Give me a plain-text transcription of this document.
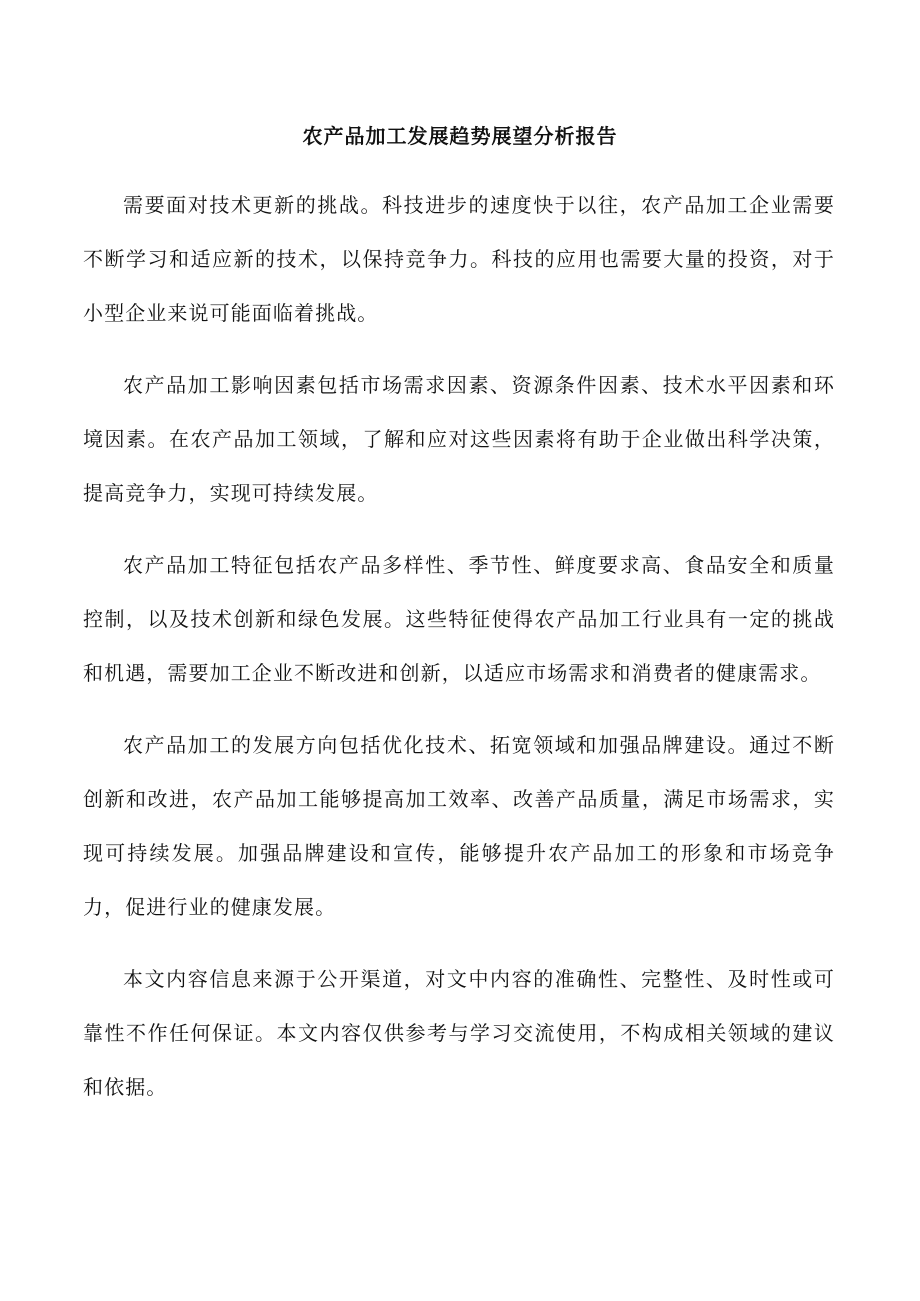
农产品加工发展趋势展望分析报告

需要面对技术更新的挑战。科技进步的速度快于以往，农产品加工企业需要不断学习和适应新的技术，以保持竞争力。科技的应用也需要大量的投资，对于小型企业来说可能面临着挑战。

农产品加工影响因素包括市场需求因素、资源条件因素、技术水平因素和环境因素。在农产品加工领域，了解和应对这些因素将有助于企业做出科学决策，提高竞争力，实现可持续发展。

农产品加工特征包括农产品多样性、季节性、鲜度要求高、食品安全和质量控制，以及技术创新和绿色发展。这些特征使得农产品加工行业具有一定的挑战和机遇，需要加工企业不断改进和创新，以适应市场需求和消费者的健康需求。

农产品加工的发展方向包括优化技术、拓宽领域和加强品牌建设。通过不断创新和改进，农产品加工能够提高加工效率、改善产品质量，满足市场需求，实现可持续发展。加强品牌建设和宣传，能够提升农产品加工的形象和市场竞争力，促进行业的健康发展。

本文内容信息来源于公开渠道，对文中内容的准确性、完整性、及时性或可靠性不作任何保证。本文内容仅供参考与学习交流使用，不构成相关领域的建议和依据。
